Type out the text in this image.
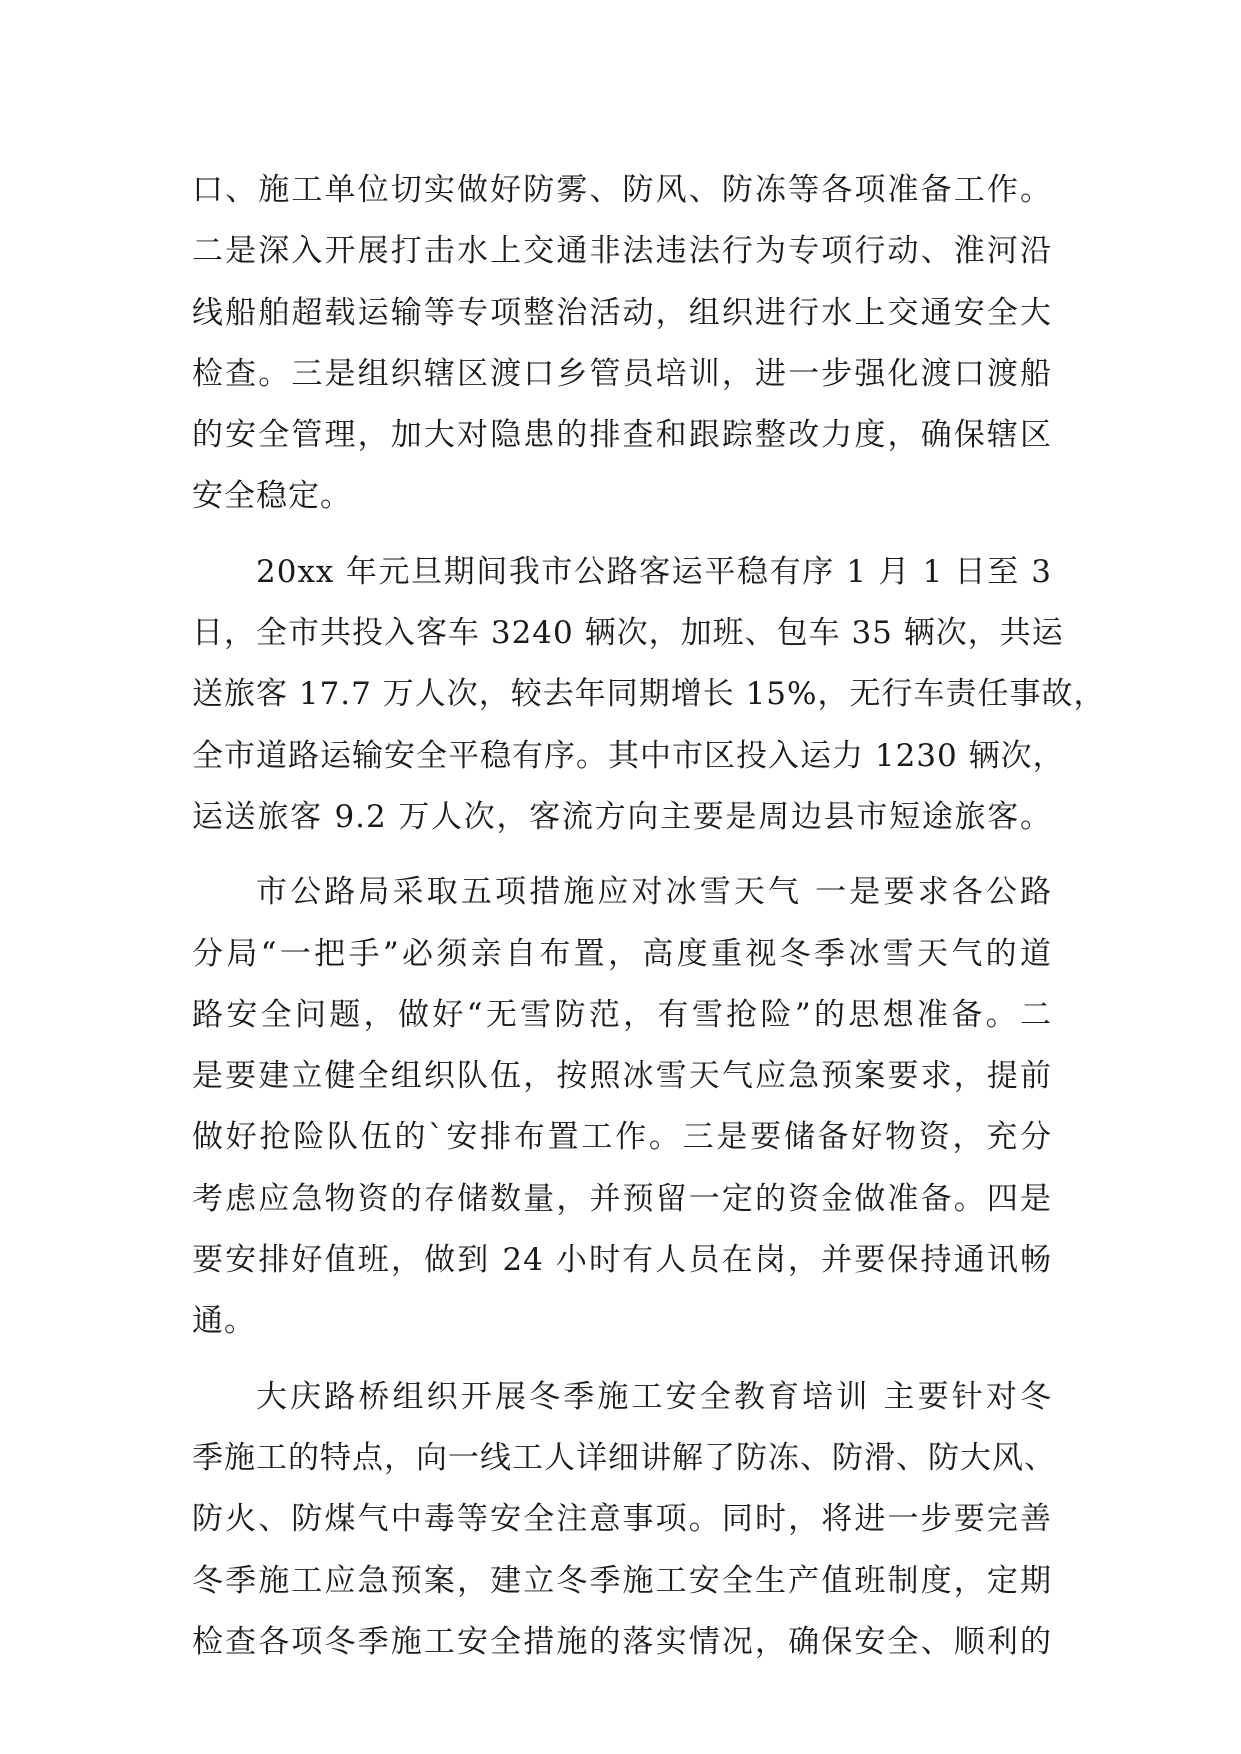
口、施工单位切实做好防雾、防风、防冻等各项准备工作。
二是深入开展打击水上交通非法违法行为专项行动、淮河沿
线船舶超载运输等专项整治活动，组织进行水上交通安全大
检查。三是组织辖区渡口乡管员培训，进一步强化渡口渡船
的安全管理，加大对隐患的排查和跟踪整改力度，确保辖区
安全稳定。
20xx 年元旦期间我市公路客运平稳有序 1 月 1 日至 3
日，全市共投入客车 3240 辆次，加班、包车 35 辆次，共运
送旅客 17.7 万人次，较去年同期增长 15%，无行车责任事故，
全市道路运输安全平稳有序。其中市区投入运力 1230 辆次，
运送旅客 9.2 万人次，客流方向主要是周边县市短途旅客。
市公路局采取五项措施应对冰雪天气 一是要求各公路
分局“一把手”必须亲自布置，高度重视冬季冰雪天气的道
路安全问题，做好“无雪防范，有雪抢险”的思想准备。二
是要建立健全组织队伍，按照冰雪天气应急预案要求，提前
做好抢险队伍的`安排布置工作。三是要储备好物资，充分
考虑应急物资的存储数量，并预留一定的资金做准备。四是
要安排好值班，做到 24 小时有人员在岗，并要保持通讯畅
通。
大庆路桥组织开展冬季施工安全教育培训 主要针对冬
季施工的特点，向一线工人详细讲解了防冻、防滑、防大风、
防火、防煤气中毒等安全注意事项。同时，将进一步要完善
冬季施工应急预案，建立冬季施工安全生产值班制度，定期
检查各项冬季施工安全措施的落实情况，确保安全、顺利的
